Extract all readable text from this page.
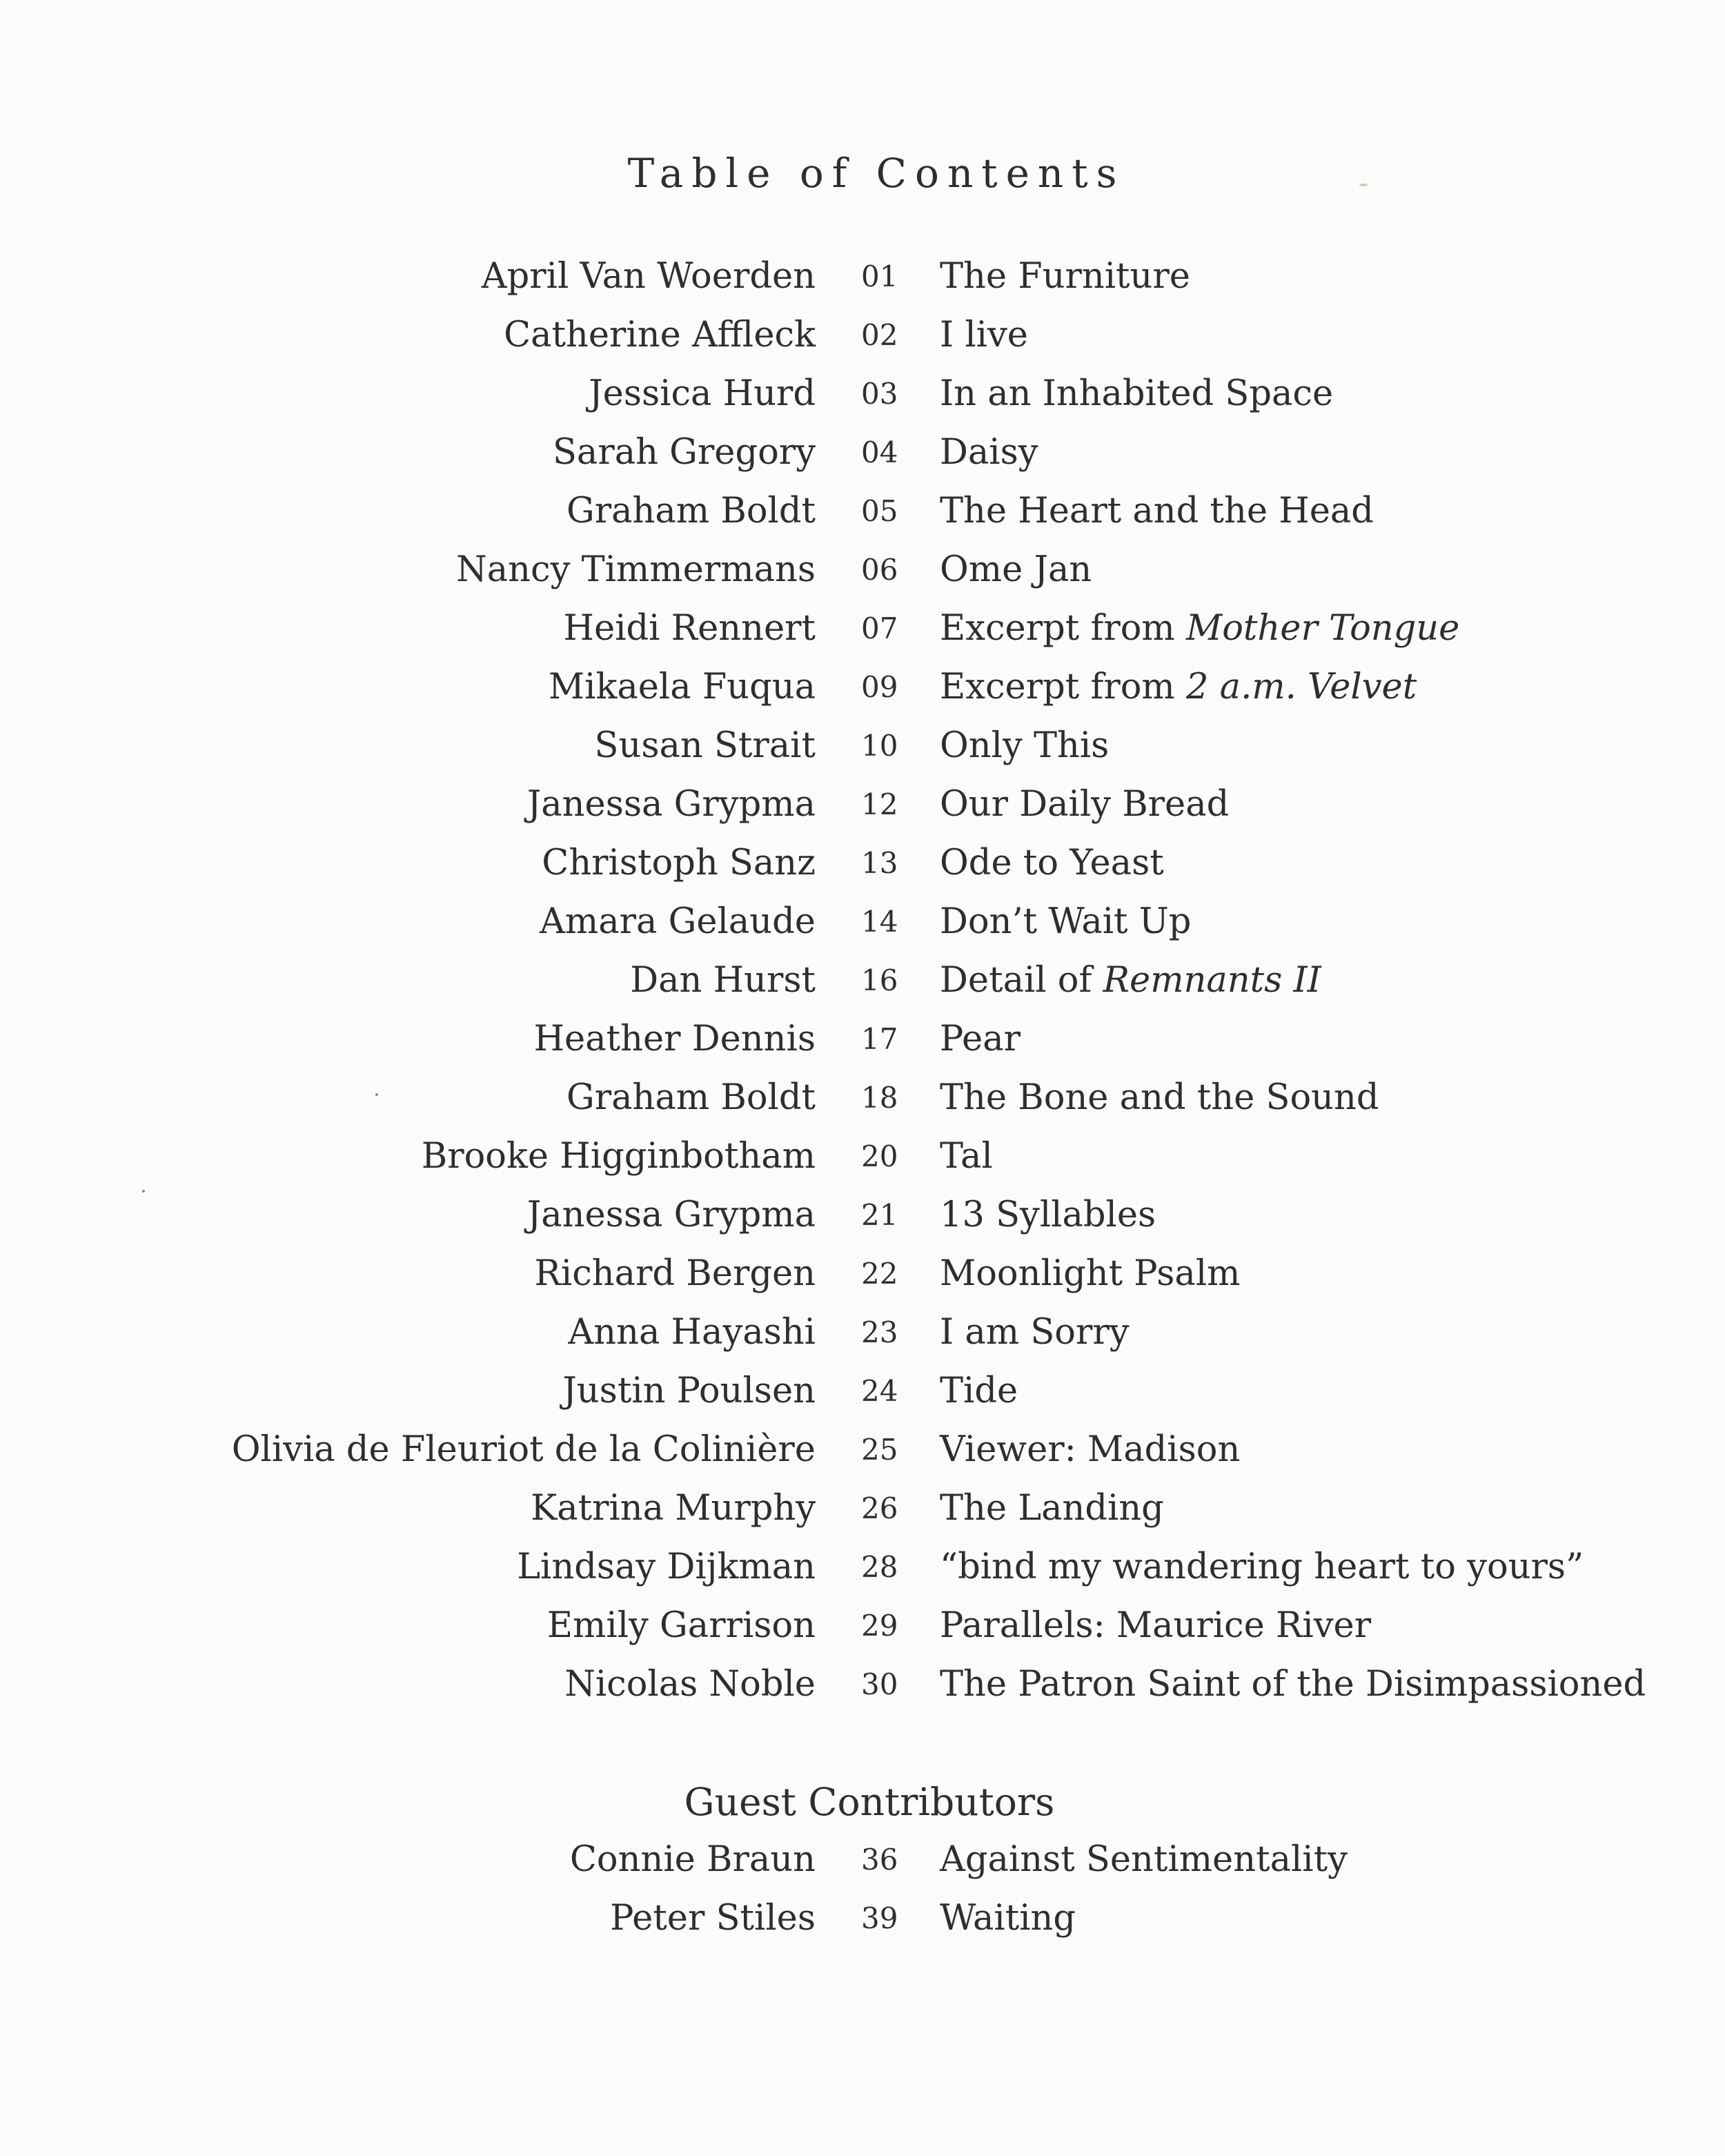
Table of Contents
April Van Woerden 01 The Furniture
Catherine Affleck 02 I live
Jessica Hurd 03 In an Inhabited Space
Sarah Gregory 04 Daisy
Graham Boldt 05 The Heart and the Head
Nancy Timmermans 06 Ome Jan
Heidi Rennert 07 Excerpt from Mother Tongue
Mikaela Fuqua 09 Excerpt from 2 a.m. Velvet
Susan Strait 10 Only This
Janessa Grypma 12 Our Daily Bread
Christoph Sanz 13 Ode to Yeast
Amara Gelaude 14 Don’t Wait Up
Dan Hurst 16 Detail of Remnants II
Heather Dennis 17 Pear
Graham Boldt 18 The Bone and the Sound
Brooke Higginbotham 20 Tal
Janessa Grypma 21 13 Syllables
Richard Bergen 22 Moonlight Psalm
Anna Hayashi 23 I am Sorry
Justin Poulsen 24 Tide
Olivia de Fleuriot de la Colinière 25 Viewer: Madison
Katrina Murphy 26 The Landing
Lindsay Dijkman 28 “bind my wandering heart to yours”
Emily Garrison 29 Parallels: Maurice River
Nicolas Noble 30 The Patron Saint of the Disimpassioned
Guest Contributors
Connie Braun 36 Against Sentimentality
Peter Stiles 39 Waiting
